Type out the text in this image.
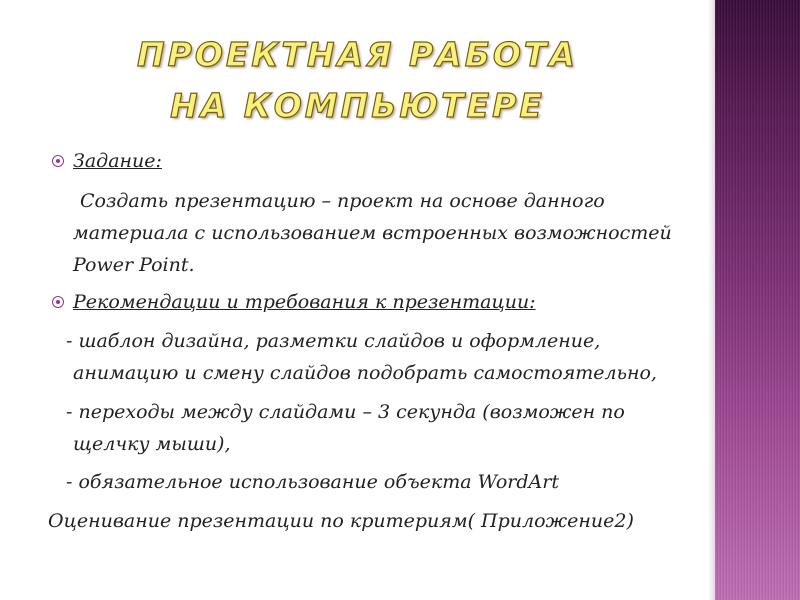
ПРОЕКТНАЯ РАБОТА
НА КОМПЬЮТЕРЕ

Задание:

Создать презентацию – проект на основе данного

материала с использованием встроенных возможностей

Power Point.

Рекомендации и требования к презентации:

- шаблон дизайна, разметки слайдов и оформление,

анимацию и смену слайдов подобрать самостоятельно,

- переходы между слайдами – 3 секунда (возможен по

щелчку мыши),

- обязательное использование объекта WordArt

Оценивание презентации по критериям( Приложение2)
